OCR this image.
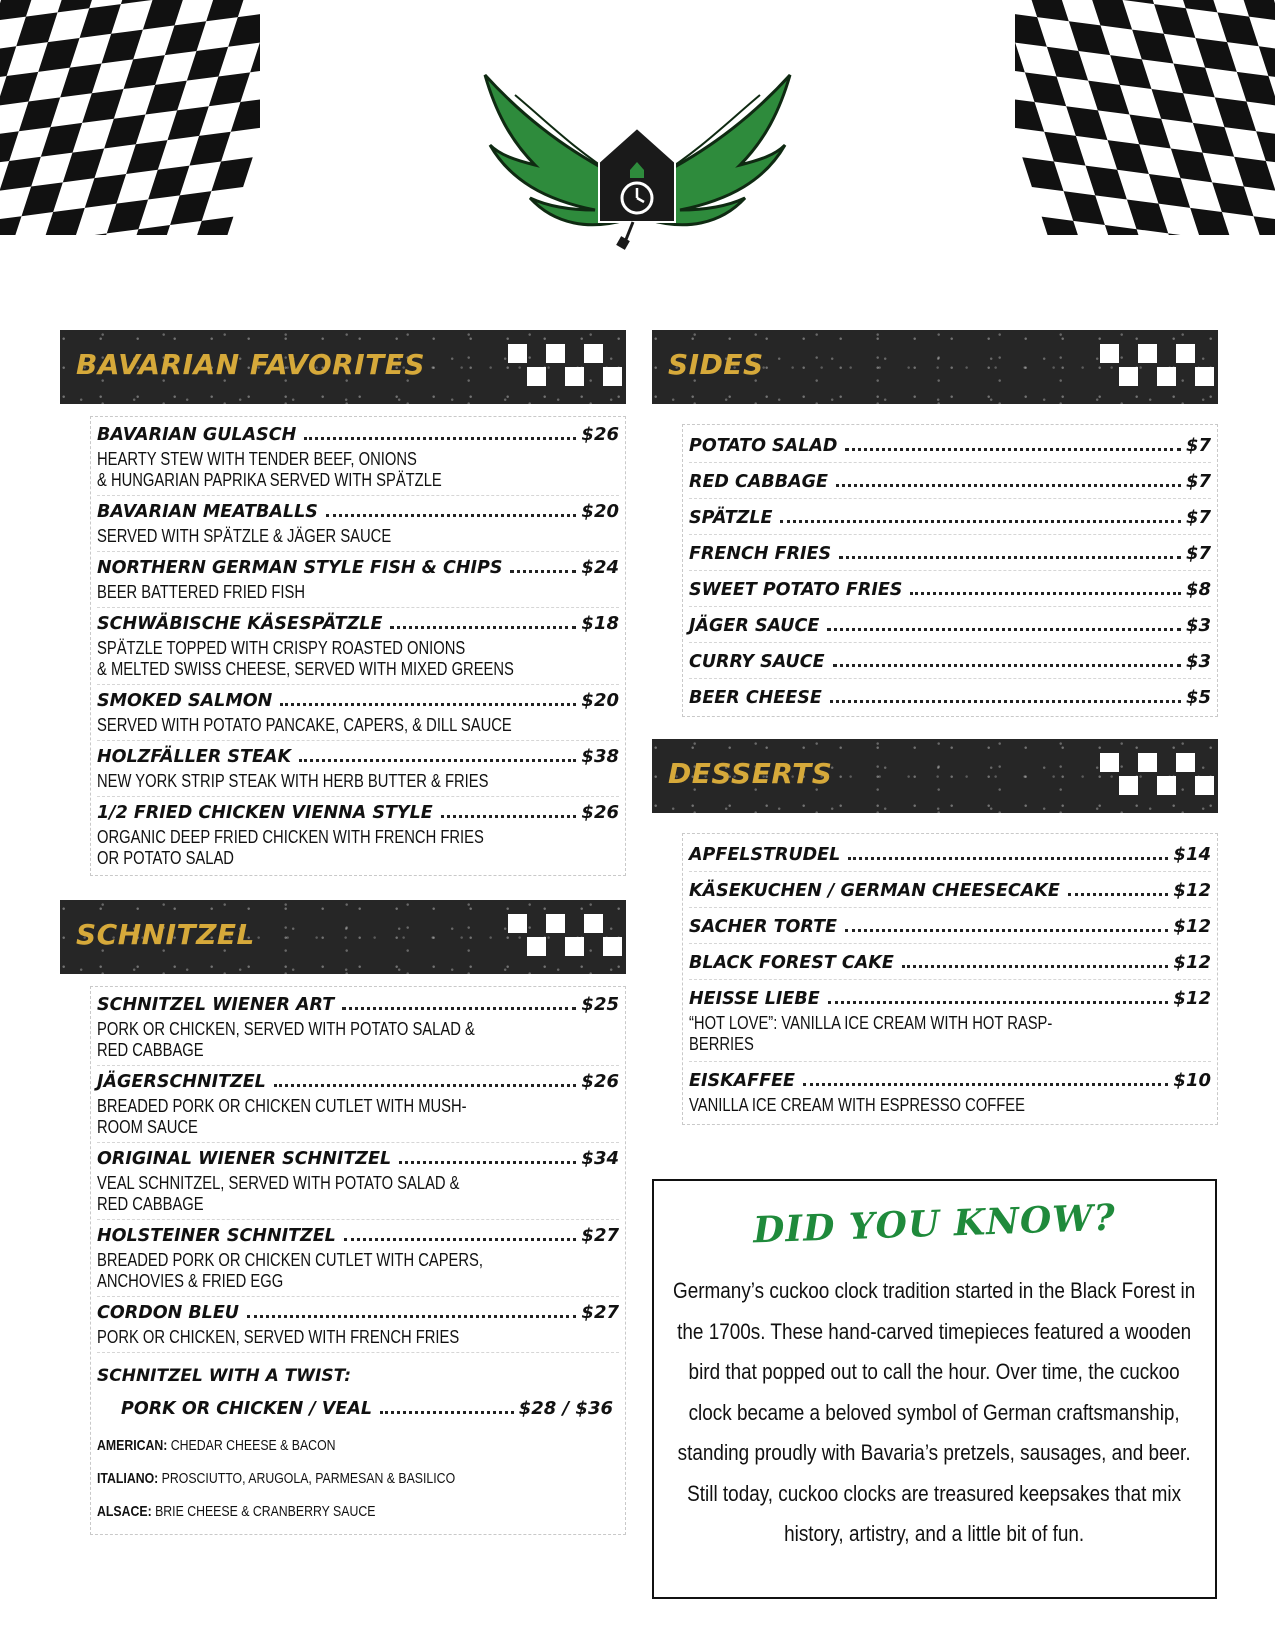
BAVARIAN FAVORITES
BAVARIAN GULASCH	$26
HEARTY STEW WITH TENDER BEEF, ONIONS
& HUNGARIAN PAPRIKA SERVED WITH SPÄTZLE
BAVARIAN MEATBALLS	$20
SERVED WITH SPÄTZLE & JÄGER SAUCE
NORTHERN GERMAN STYLE FISH & CHIPS	$24
BEER BATTERED FRIED FISH
SCHWÄBISCHE KÄSESPÄTZLE	$18
SPÄTZLE TOPPED WITH CRISPY ROASTED ONIONS
& MELTED SWISS CHEESE, SERVED WITH MIXED GREENS
SMOKED SALMON	$20
SERVED WITH POTATO PANCAKE, CAPERS, & DILL SAUCE
HOLZFÄLLER STEAK	$38
NEW YORK STRIP STEAK WITH HERB BUTTER & FRIES
1/2 FRIED CHICKEN VIENNA STYLE	$26
ORGANIC DEEP FRIED CHICKEN WITH FRENCH FRIES
OR POTATO SALAD
SCHNITZEL
SCHNITZEL WIENER ART	$25
PORK OR CHICKEN, SERVED WITH POTATO SALAD &
RED CABBAGE
JÄGERSCHNITZEL	$26
BREADED PORK OR CHICKEN CUTLET WITH MUSH-
ROOM SAUCE
ORIGINAL WIENER SCHNITZEL	$34
VEAL SCHNITZEL, SERVED WITH POTATO SALAD &
RED CABBAGE
HOLSTEINER SCHNITZEL	$27
BREADED PORK OR CHICKEN CUTLET WITH CAPERS,
ANCHOVIES & FRIED EGG
CORDON BLEU	$27
PORK OR CHICKEN, SERVED WITH FRENCH FRIES
SCHNITZEL WITH A TWIST:
PORK OR CHICKEN / VEAL	$28 / $36
AMERICAN: CHEDAR CHEESE & BACON
ITALIANO: PROSCIUTTO, ARUGOLA, PARMESAN & BASILICO
ALSACE: BRIE CHEESE & CRANBERRY SAUCE
SIDES
POTATO SALAD	$7
RED CABBAGE	$7
SPÄTZLE	$7
FRENCH FRIES	$7
SWEET POTATO FRIES	$8
JÄGER SAUCE	$3
CURRY SAUCE	$3
BEER CHEESE	$5
DESSERTS
APFELSTRUDEL	$14
KÄSEKUCHEN / GERMAN CHEESECAKE	$12
SACHER TORTE	$12
BLACK FOREST CAKE	$12
HEISSE LIEBE	$12
“HOT LOVE”: VANILLA ICE CREAM WITH HOT RASP-
BERRIES
EISKAFFEE	$10
VANILLA ICE CREAM WITH ESPRESSO COFFEE
DID YOU KNOW?
Germany’s cuckoo clock tradition started in the Black Forest in the 1700s. These hand-carved timepieces featured a wooden bird that popped out to call the hour. Over time, the cuckoo clock became a beloved symbol of German craftsmanship, standing proudly with Bavaria’s pretzels, sausages, and beer. Still today, cuckoo clocks are treasured keepsakes that mix history, artistry, and a little bit of fun.
